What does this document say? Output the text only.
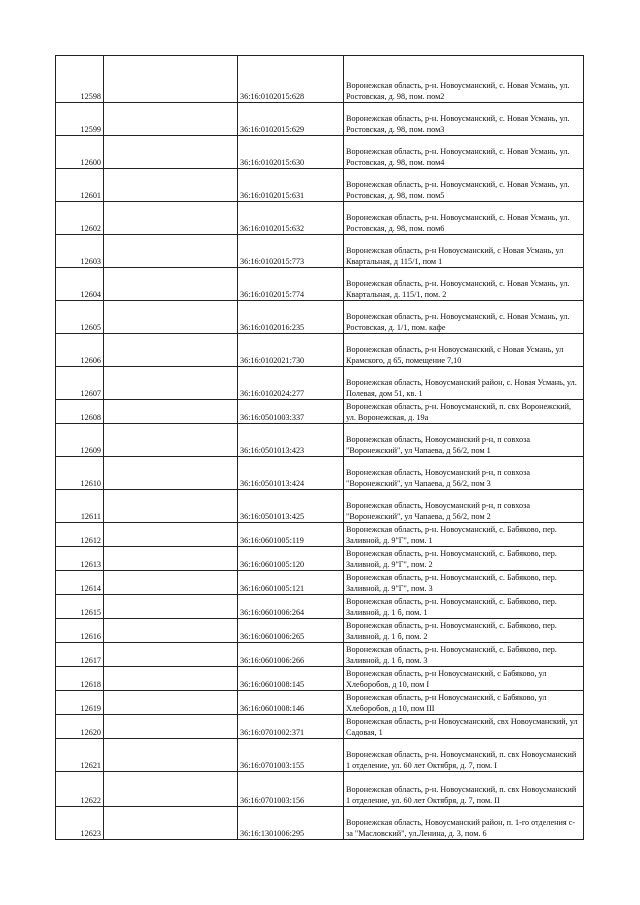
12598		36:16:0102015:628	Воронежская область, р-н. Новоусманский, с. Новая Усмань, ул. Ростовская, д. 98, пом. пом2
12599		36:16:0102015:629	Воронежская область, р-н. Новоусманский, с. Новая Усмань, ул. Ростовская, д. 98, пом. пом3
12600		36:16:0102015:630	Воронежская область, р-н. Новоусманский, с. Новая Усмань, ул. Ростовская, д. 98, пом. пом4
12601		36:16:0102015:631	Воронежская область, р-н. Новоусманский, с. Новая Усмань, ул. Ростовская, д. 98, пом. пом5
12602		36:16:0102015:632	Воронежская область, р-н. Новоусманский, с. Новая Усмань, ул. Ростовская, д. 98, пом. пом6
12603		36:16:0102015:773	Воронежская область, р-н Новоусманский, с Новая Усмань, ул Квартальная, д 115/1, пом 1
12604		36:16:0102015:774	Воронежская область, р-н. Новоусманский, с. Новая Усмань, ул. Квартальная, д. 115/1, пом. 2
12605		36:16:0102016:235	Воронежская область, р-н. Новоусманский, с. Новая Усмань, ул. Ростовская, д. 1/1, пом. кафе
12606		36:16:0102021:730	Воронежская область, р-н Новоусманский, с Новая Усмань, ул Крамского, д 65, помещение 7,10
12607		36:16:0102024:277	Воронежская область, Новоусманский район, с. Новая Усмань, ул. Полевая, дом 51, кв. 1
12608		36:16:0501003:337	Воронежская область, р-н. Новоусманский, п. свх Воронежский, ул. Воронежская, д. 19а
12609		36:16:0501013:423	Воронежская область, Новоусманский р-н, п совхоза "Воронежский", ул Чапаева, д 56/2, пом 1
12610		36:16:0501013:424	Воронежская область, Новоусманский р-н, п совхоза "Воронежский", ул Чапаева, д 56/2, пом 3
12611		36:16:0501013:425	Воронежская область, Новоусманский р-н, п совхоза "Воронежский", ул Чапаева, д 56/2, пом 2
12612		36:16:0601005:119	Воронежская область, р-н. Новоусманский, с. Бабяково, пер. Заливной, д. 9"Г", пом. 1
12613		36:16:0601005:120	Воронежская область, р-н. Новоусманский, с. Бабяково, пер. Заливной, д. 9"Г", пом. 2
12614		36:16:0601005:121	Воронежская область, р-н. Новоусманский, с. Бабяково, пер. Заливной, д. 9"Г", пом. 3
12615		36:16:0601006:264	Воронежская область, р-н. Новоусманский, с. Бабяково, пер. Заливной, д. 1 б, пом. 1
12616		36:16:0601006:265	Воронежская область, р-н. Новоусманский, с. Бабяково, пер. Заливной, д. 1 б, пом. 2
12617		36:16:0601006:266	Воронежская область, р-н. Новоусманский, с. Бабяково, пер. Заливной, д. 1 б, пом. 3
12618		36:16:0601008:145	Воронежская область, р-н Новоусманский, с Бабяково, ул Хлеборобов, д 10, пом I
12619		36:16:0601008:146	Воронежская область, р-н Новоусманский, с Бабяково, ул Хлеборобов, д 10, пом III
12620		36:16:0701002:371	Воронежская область, р-н Новоусманский, свх Новоусманский, ул Садовая, 1
12621		36:16:0701003:155	Воронежская область, р-н. Новоусманский, п. свх Новоусманский 1 отделение, ул. 60 лет Октября, д. 7, пом. I
12622		36:16:0701003:156	Воронежская область, р-н. Новоусманский, п. свх Новоусманский 1 отделение, ул. 60 лет Октября, д. 7, пом. II
12623		36:16:1301006:295	Воронежская область, Новоусманский район, п. 1-го отделения с-за "Масловский", ул.Ленина, д. 3, пом. 6
